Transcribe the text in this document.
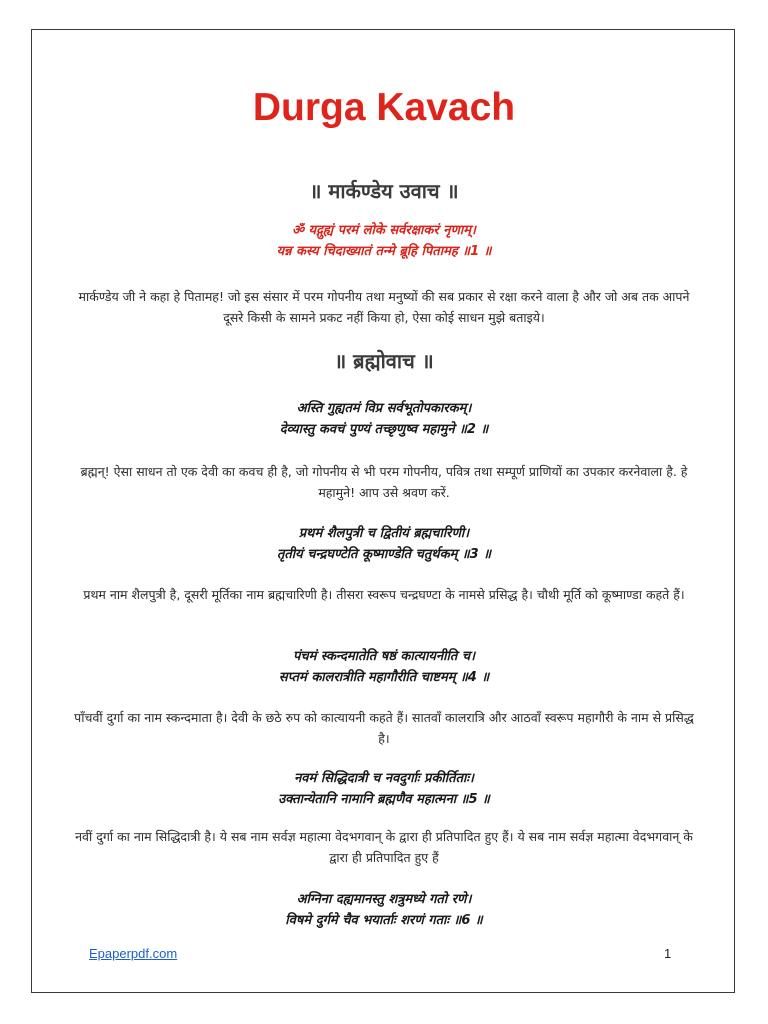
Durga Kavach
॥ मार्कण्डेय उवाच ॥
ॐ यद्गुह्यं परमं लोके सर्वरक्षाकरं नृणाम्।
यन्न कस्य चिदाख्यातं तन्मे ब्रूहि पितामह ॥1 ॥
मार्कण्डेय जी ने कहा हे पितामह! जो इस संसार में परम गोपनीय तथा मनुष्यों की सब प्रकार से रक्षा करने वाला है और जो अब तक आपने दूसरे किसी के सामने प्रकट नहीं किया हो, ऐसा कोई साधन मुझे बताइये।
॥ ब्रह्मोवाच ॥
अस्ति गुह्यतमं विप्र सर्वभूतोपकारकम्।
देव्यास्तु कवचं पुण्यं तच्छृणुष्व महामुने ॥2 ॥
ब्रह्मन्! ऐसा साधन तो एक देवी का कवच ही है, जो गोपनीय से भी परम गोपनीय, पवित्र तथा सम्पूर्ण प्राणियों का उपकार करनेवाला है. हे महामुने! आप उसे श्रवण करें.
प्रथमं शैलपुत्री च द्वितीयं ब्रह्मचारिणी।
तृतीयं चन्द्रघण्टेति कूष्माण्डेति चतुर्थकम् ॥3 ॥
प्रथम नाम शैलपुत्री है, दूसरी मूर्तिका नाम ब्रह्मचारिणी है। तीसरा स्वरूप चन्द्रघण्टा के नामसे प्रसिद्ध है। चौथी मूर्ति को कूष्माण्डा कहते हैं।
पंचमं स्कन्दमातेति षष्ठं कात्यायनीति च।
सप्तमं कालरात्रीति महागौरीति चाष्टमम् ॥4 ॥
पाँचवीं दुर्गा का नाम स्कन्दमाता है। देवी के छठे रुप को कात्यायनी कहते हैं। सातवाँ कालरात्रि और आठवाँ स्वरूप महागौरी के नाम से प्रसिद्ध है।
नवमं सिद्धिदात्री च नवदुर्गाः प्रकीर्तिताः।
उक्तान्येतानि नामानि ब्रह्मणैव महात्मना ॥5 ॥
नवीं दुर्गा का नाम सिद्धिदात्री है। ये सब नाम सर्वज्ञ महात्मा वेदभगवान् के द्वारा ही प्रतिपादित हुए हैं। ये सब नाम सर्वज्ञ महात्मा वेदभगवान् के द्वारा ही प्रतिपादित हुए हैं
अग्निना दह्यमानस्तु शत्रुमध्ये गतो रणे।
विषमे दुर्गमे चैव भयार्ताः शरणं गताः ॥6 ॥
Epaperpdf.com	1
